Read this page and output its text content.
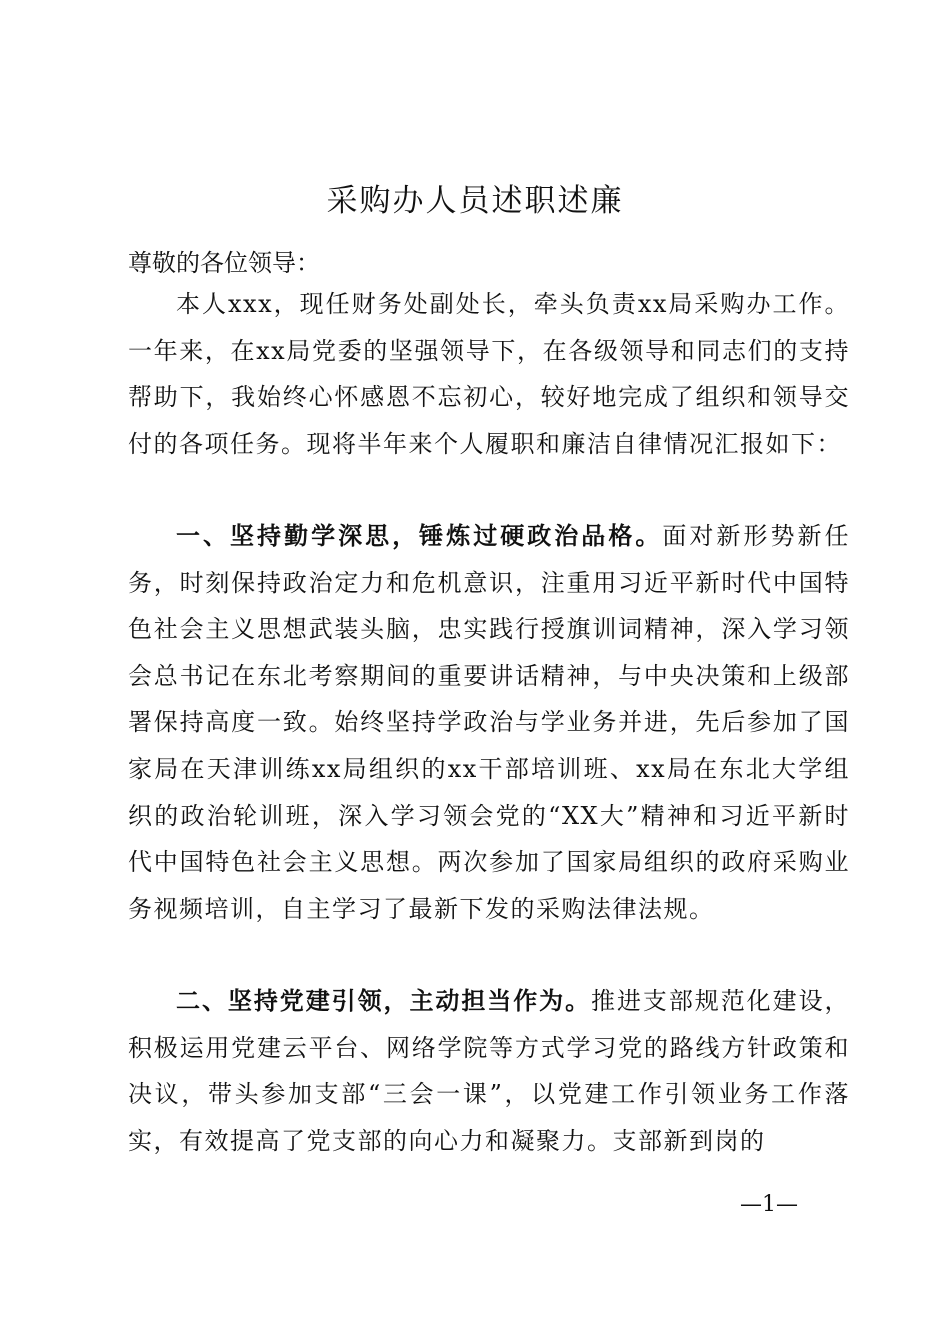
采购办人员述职述廉

尊敬的各位领导：

本人xxx，现任财务处副处长，牵头负责xx局采购办工作。一年来，在xx局党委的坚强领导下，在各级领导和同志们的支持帮助下，我始终心怀感恩不忘初心，较好地完成了组织和领导交付的各项任务。现将半年来个人履职和廉洁自律情况汇报如下：

一、坚持勤学深思，锤炼过硬政治品格。面对新形势新任务，时刻保持政治定力和危机意识，注重用习近平新时代中国特色社会主义思想武装头脑，忠实践行授旗训词精神，深入学习领会总书记在东北考察期间的重要讲话精神，与中央决策和上级部署保持高度一致。始终坚持学政治与学业务并进，先后参加了国家局在天津训练xx局组织的xx干部培训班、xx局在东北大学组织的政治轮训班，深入学习领会党的“XX大”精神和习近平新时代中国特色社会主义思想。两次参加了国家局组织的政府采购业务视频培训，自主学习了最新下发的采购法律法规。

二、坚持党建引领，主动担当作为。推进支部规范化建设，积极运用党建云平台、网络学院等方式学习党的路线方针政策和决议，带头参加支部“三会一课”，以党建工作引领业务工作落实，有效提高了党支部的向心力和凝聚力。支部新到岗的

—1—
